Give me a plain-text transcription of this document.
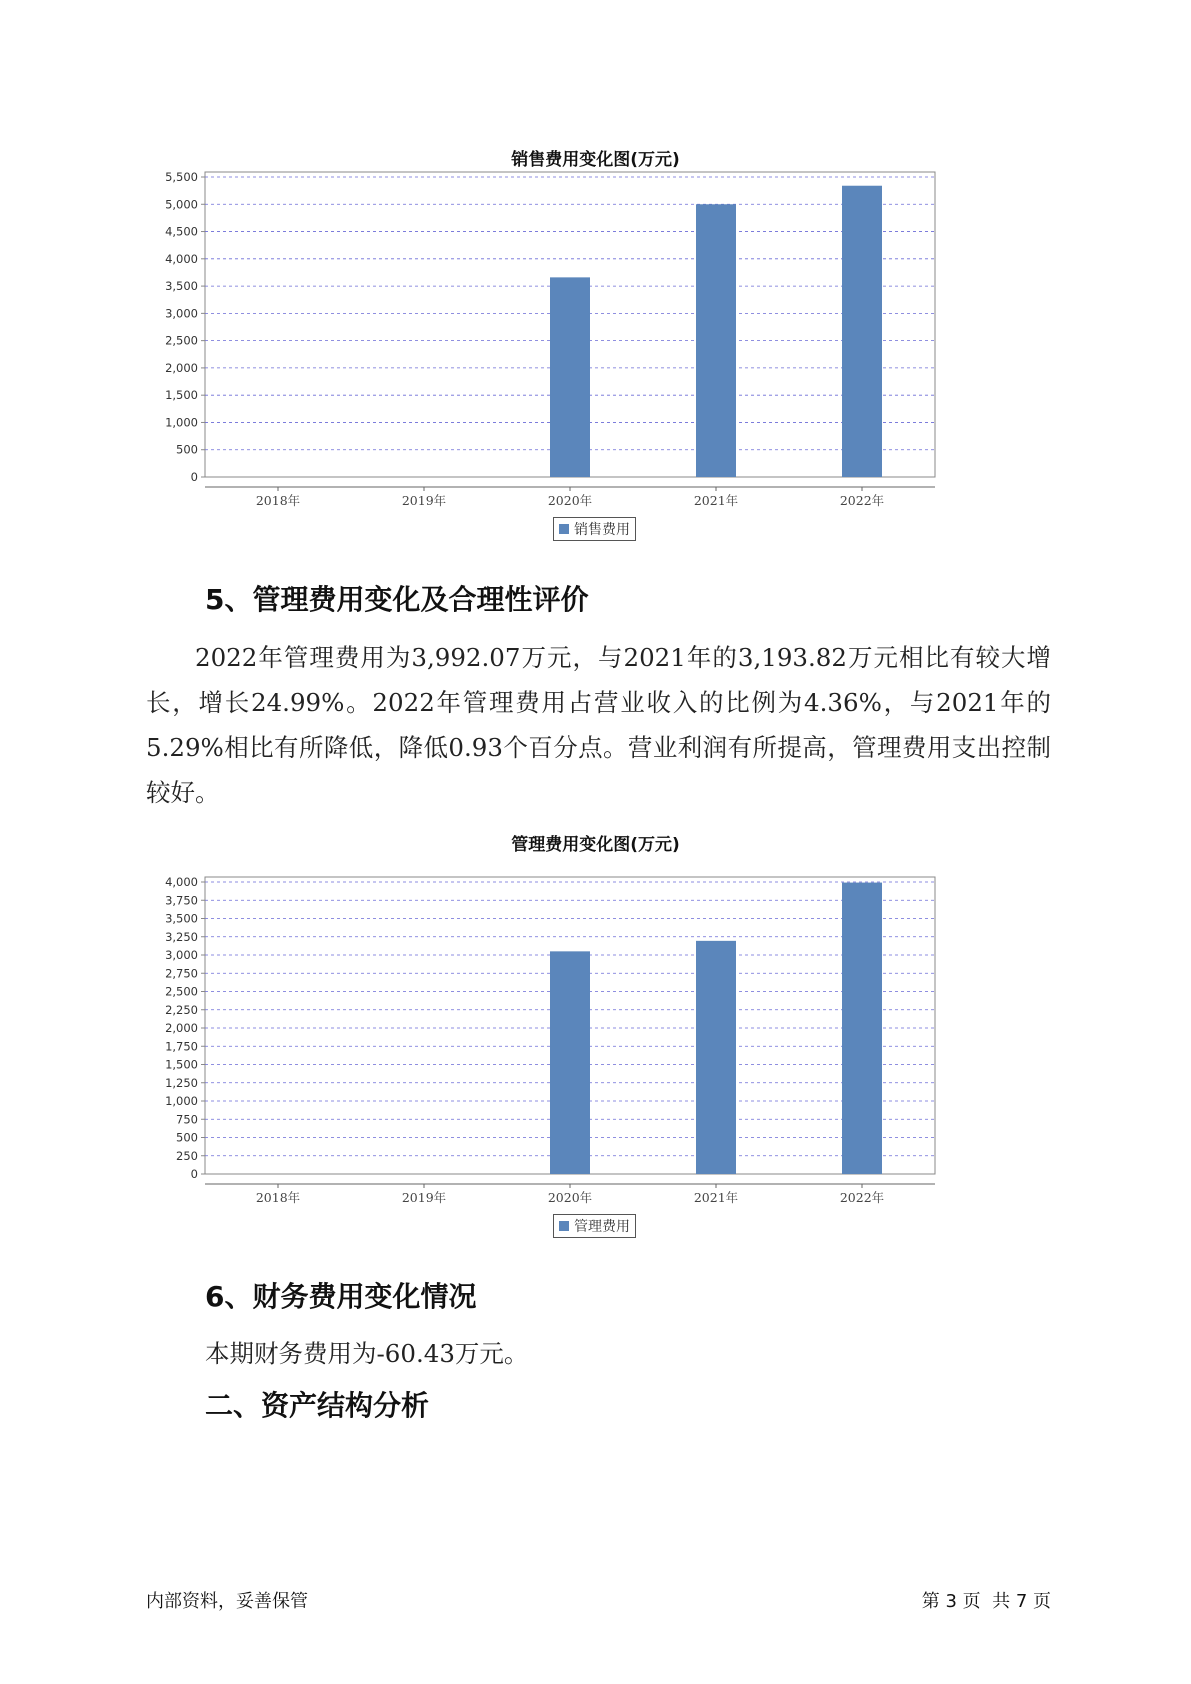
销售费用变化图(万元)
0
500
1,000
1,500
2,000
2,500
3,000
3,500
4,000
4,500
5,000
5,500
2018年	2019年	2020年	2021年	2022年
销售费用
5、管理费用变化及合理性评价

2022年管理费用为3,992.07万元，与2021年的3,193.82万元相比有较大增长，增长24.99%。2022年管理费用占营业收入的比例为4.36%，与2021年的5.29%相比有所降低，降低0.93个百分点。营业利润有所提高，管理费用支出控制较好。

管理费用变化图(万元)
0
250
500
750
1,000
1,250
1,500
1,750
2,000
2,250
2,500
2,750
3,000
3,250
3,500
3,750
4,000
2018年	2019年	2020年	2021年	2022年
管理费用
6、财务费用变化情况

本期财务费用为-60.43万元。

二、资产结构分析
内部资料，妥善保管	第 3 页  共 7 页
